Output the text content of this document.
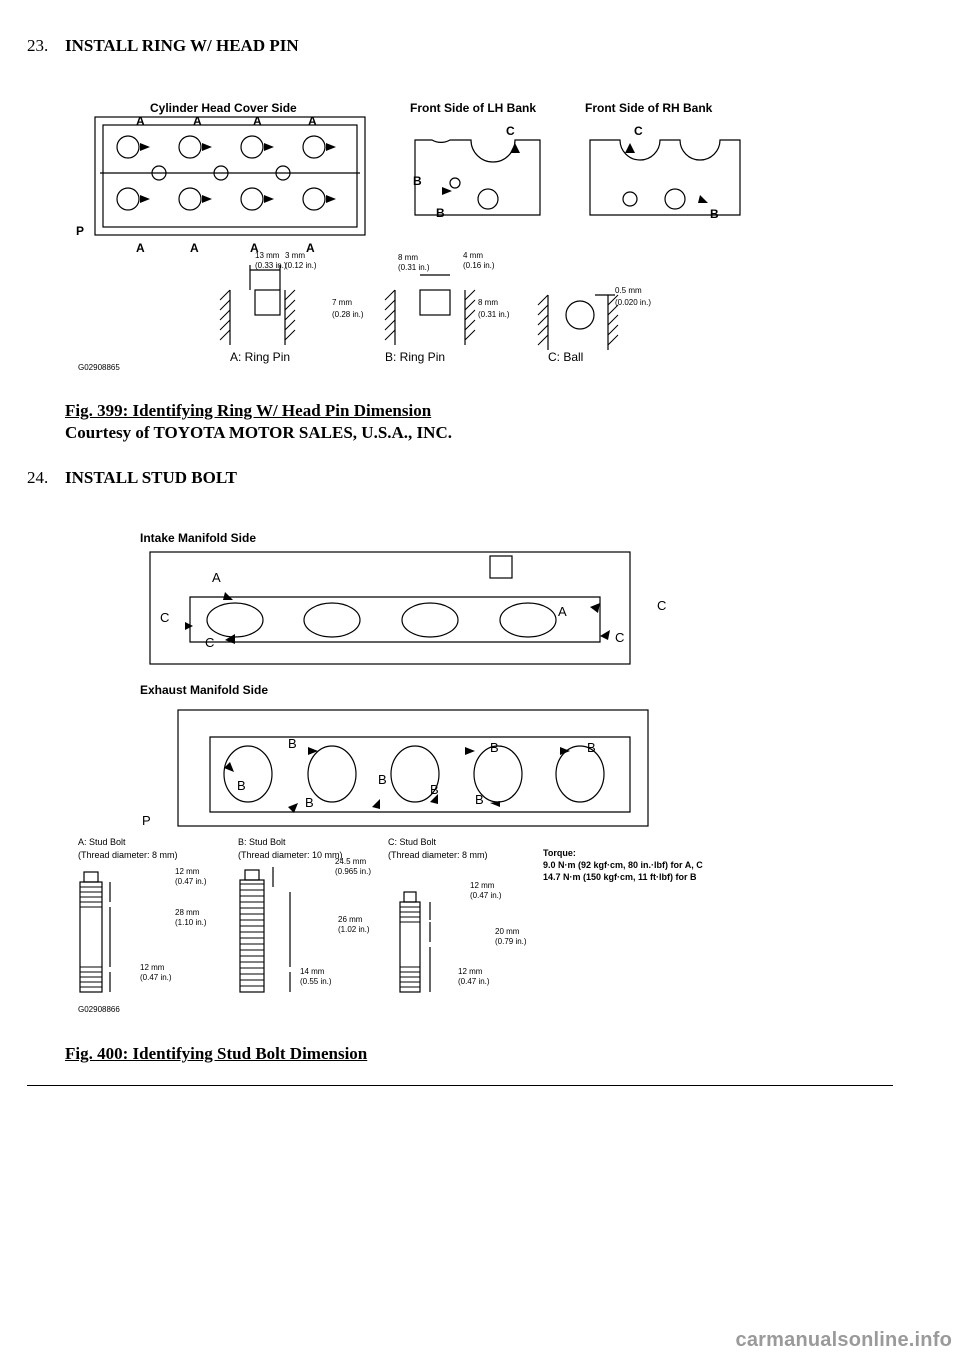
23. INSTALL RING W/ HEAD PIN
Cylinder Head Cover Side	Front Side of LH Bank	Front Side of RH Bank
A	A	A	A
A	A	A	A
B
B	B
C	C
P
13 mm
(0.33 in.)
3 mm
(0.12 in.)
7 mm
(0.28 in.)
8 mm
(0.31 in.)
4 mm
(0.16 in.)
8 mm
(0.31 in.)
0.5 mm
(0.020 in.)
G02908865
A: Ring Pin	B: Ring Pin	C: Ball
Fig. 399: Identifying Ring W/ Head Pin Dimension
Courtesy of TOYOTA MOTOR SALES, U.S.A., INC.
24. INSTALL STUD BOLT
Intake Manifold Side
Exhaust Manifold Side
A
A
C
C
C
C
B	B	B
B
B
B
B
B
P
A: Stud Bolt
(Thread diameter: 8 mm)
B: Stud Bolt
(Thread diameter: 10 mm)
C: Stud Bolt
(Thread diameter: 8 mm)	Torque:
9.0 N·m (92 kgf·cm, 80 in.·lbf) for A, C
14.7 N·m (150 kgf·cm, 11 ft·lbf) for B
12 mm
(0.47 in.)
28 mm
(1.10 in.)
12 mm
(0.47 in.)
24.5 mm
(0.965 in.)
26 mm
(1.02 in.)
14 mm
(0.55 in.)
12 mm
(0.47 in.)
20 mm
(0.79 in.)
12 mm
(0.47 in.)
G02908866
Fig. 400: Identifying Stud Bolt Dimension
carmanualsonline.info
